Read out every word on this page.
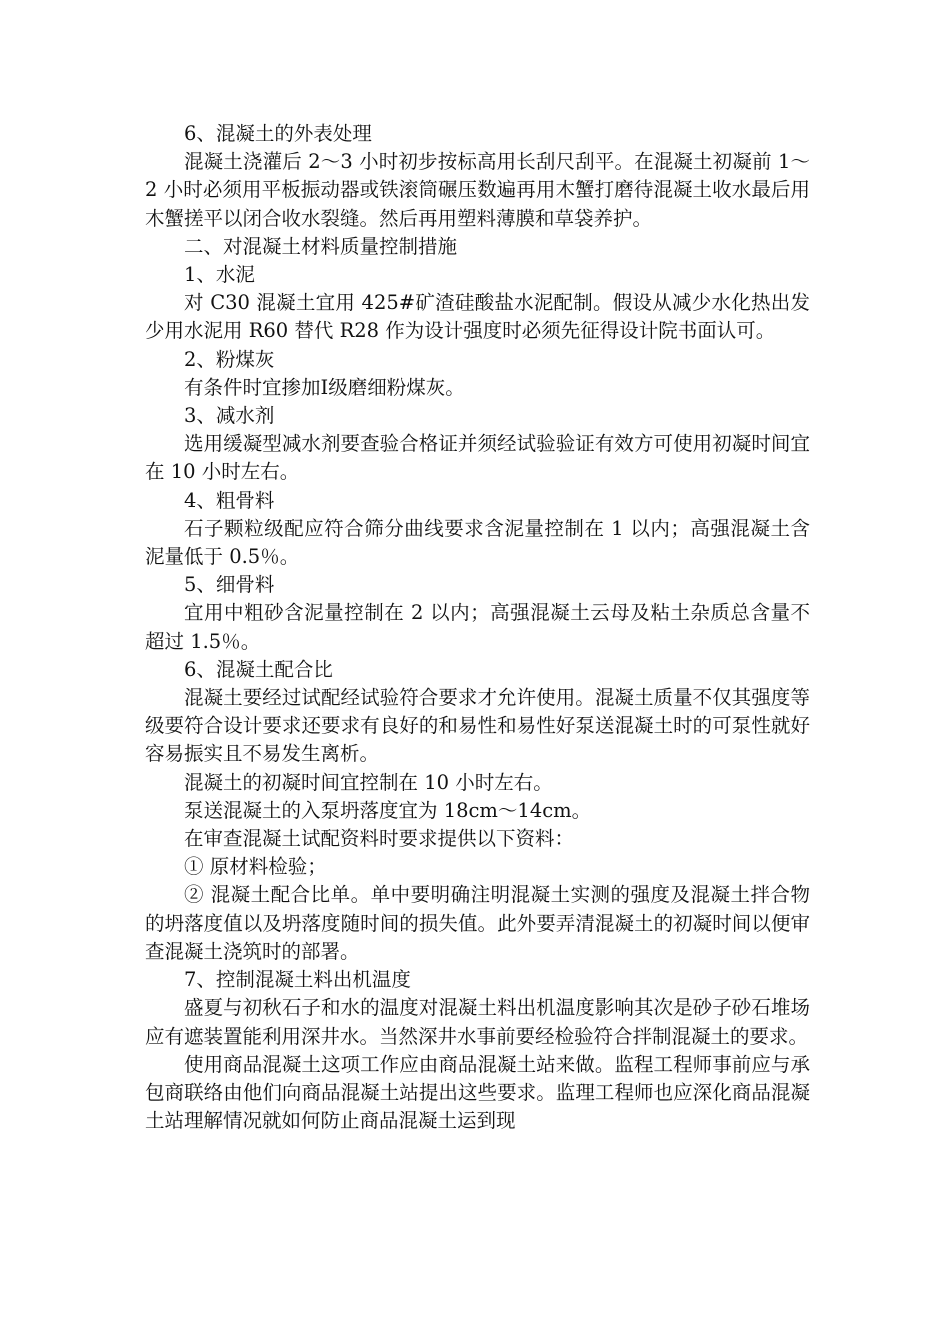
6、混凝土的外表处理

混凝土浇灌后 2～3 小时初步按标高用长刮尺刮平。在混凝土初凝前 1～2 小时必须用平板振动器或铁滚筒碾压数遍再用木蟹打磨待混凝土收水最后用木蟹搓平以闭合收水裂缝。然后再用塑料薄膜和草袋养护。

二、对混凝土材料质量控制措施

1、水泥

对 C30 混凝土宜用 425#矿渣硅酸盐水泥配制。假设从减少水化热出发少用水泥用 R60 替代 R28 作为设计强度时必须先征得设计院书面认可。

2、粉煤灰

有条件时宜掺加Ⅰ级磨细粉煤灰。

3、减水剂

选用缓凝型减水剂要查验合格证并须经试验验证有效方可使用初凝时间宜在 10 小时左右。

4、粗骨料

石子颗粒级配应符合筛分曲线要求含泥量控制在 1 以内；高强混凝土含泥量低于 0.5％。

5、细骨料

宜用中粗砂含泥量控制在 2 以内；高强混凝土云母及粘土杂质总含量不超过 1.5％。

6、混凝土配合比

混凝土要经过试配经试验符合要求才允许使用。混凝土质量不仅其强度等级要符合设计要求还要求有良好的和易性和易性好泵送混凝土时的可泵性就好容易振实且不易发生离析。

混凝土的初凝时间宜控制在 10 小时左右。

泵送混凝土的入泵坍落度宜为 18cm～14cm。

在审查混凝土试配资料时要求提供以下资料：

① 原材料检验；

② 混凝土配合比单。单中要明确注明混凝土实测的强度及混凝土拌合物的坍落度值以及坍落度随时间的损失值。此外要弄清混凝土的初凝时间以便审查混凝土浇筑时的部署。

7、控制混凝土料出机温度

盛夏与初秋石子和水的温度对混凝土料出机温度影响其次是砂子砂石堆场应有遮装置能利用深井水。当然深井水事前要经检验符合拌制混凝土的要求。

使用商品混凝土这项工作应由商品混凝土站来做。监程工程师事前应与承包商联络由他们向商品混凝土站提出这些要求。监理工程师也应深化商品混凝土站理解情况就如何防止商品混凝土运到现
